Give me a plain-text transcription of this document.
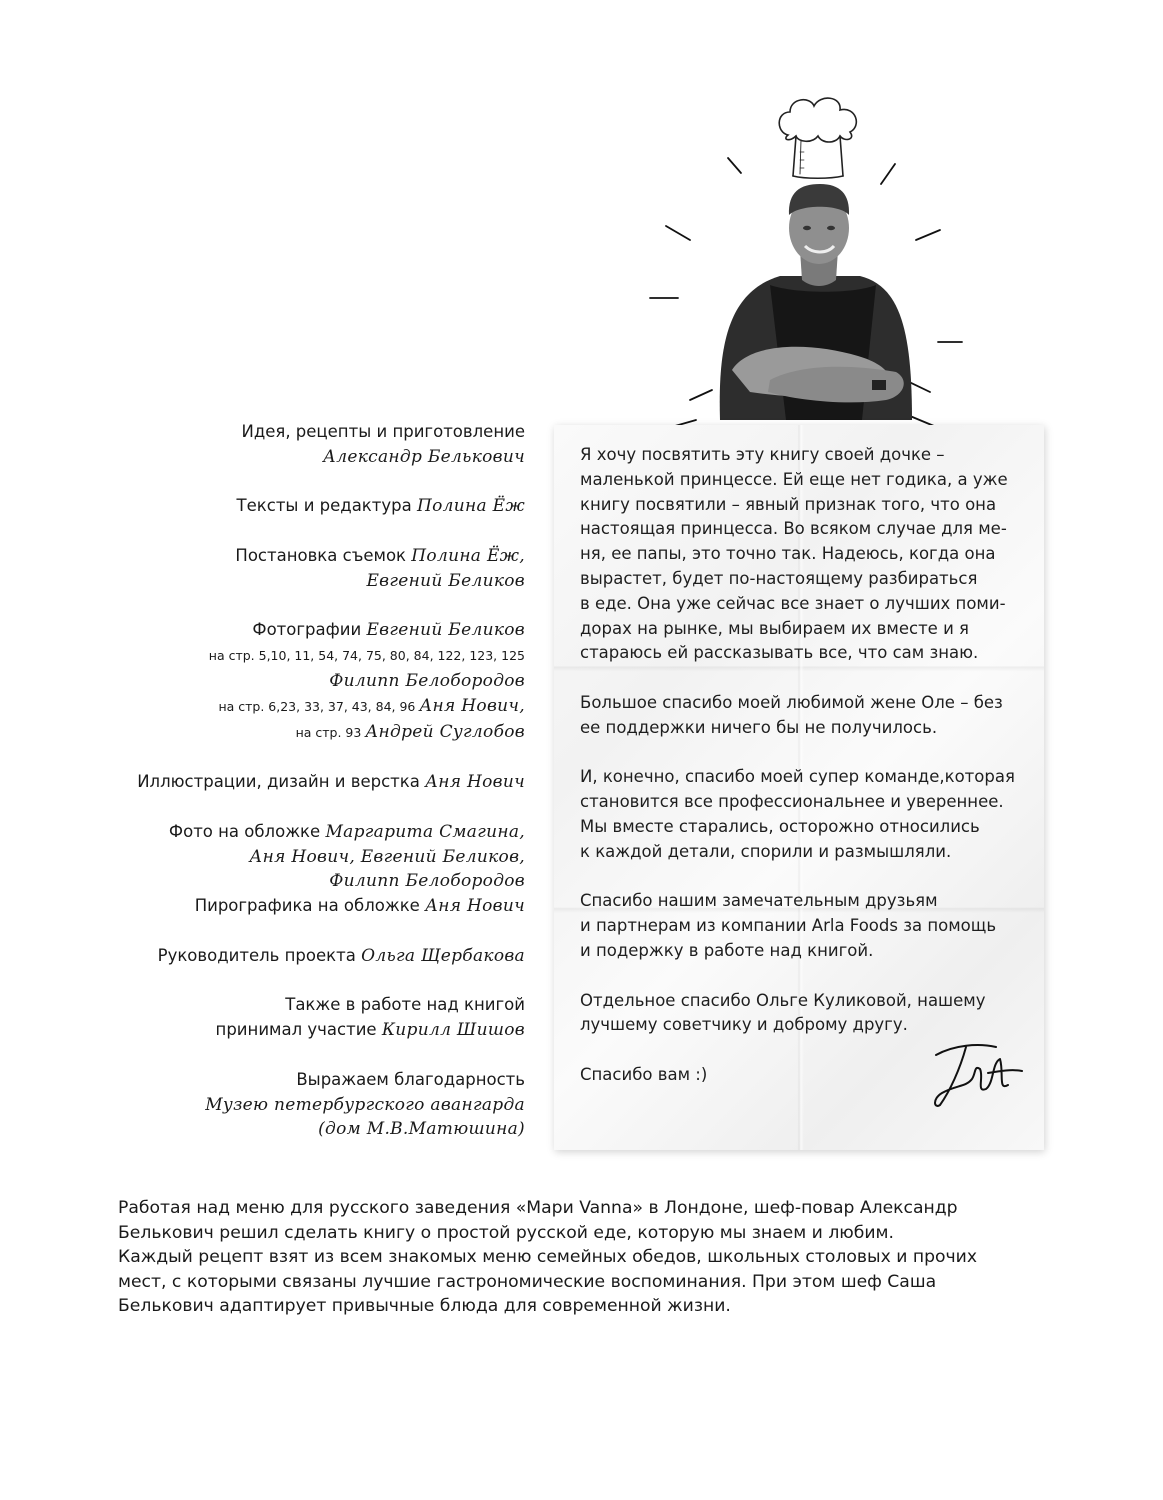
Идея, рецепты и приготовление
Александр Белькович
Тексты и редактура Полина Ёж
Постановка съемок Полина Ёж,
Евгений Беликов
Фотографии Евгений Беликов
на стр. 5,10, 11, 54, 74, 75, 80, 84, 122, 123, 125
Филипп Белобородов
на стр. 6,23, 33, 37, 43, 84, 96 Аня Нович,
на стр. 93 Андрей Суглобов
Иллюстрации, дизайн и верстка Аня Нович
Фото на обложке Маргарита Смагина,
Аня Нович, Евгений Беликов,
Филипп Белобородов
Пирографика на обложке Аня Нович
Руководитель проекта Ольга Щербакова
Также в работе над книгой
принимал участие Кирилл Шишов
Выражаем благодарность
Музею петербургского авангарда
(дом М.В.Матюшина)
Я хочу посвятить эту книгу своей дочке –
маленькой принцессе. Ей еще нет годика, а уже
книгу посвятили – явный признак того, что она
настоящая принцесса. Во всяком случае для ме-
ня, ее папы, это точно так. Надеюсь, когда она
вырастет, будет по-настоящему разбираться
в еде. Она уже сейчас все знает о лучших поми-
дорах на рынке, мы выбираем их вместе и я
стараюсь ей рассказывать все, что сам знаю.
Большое спасибо моей любимой жене Оле – без
ее поддержки ничего бы не получилось.
И, конечно, спасибо моей супер команде,которая
становится все профессиональнее и увереннее.
Мы вместе старались, осторожно относились
к каждой детали, спорили и размышляли.
Спасибо нашим замечательным друзьям
и партнерам из компании Arla Foods за помощь
и подержку в работе над книгой.
Отдельное спасибо Ольге Куликовой, нашему
лучшему советчику и доброму другу.
Спасибо вам :)
Работая над меню для русского заведения «Мари Vanna» в Лондоне, шеф-повар Александр
Белькович решил сделать книгу о простой русской еде, которую мы знаем и любим.
Каждый рецепт взят из всем знакомых меню семейных обедов, школьных столовых и прочих
мест, с которыми связаны лучшие гастрономические воспоминания. При этом шеф Саша
Белькович адаптирует привычные блюда для современной жизни.
